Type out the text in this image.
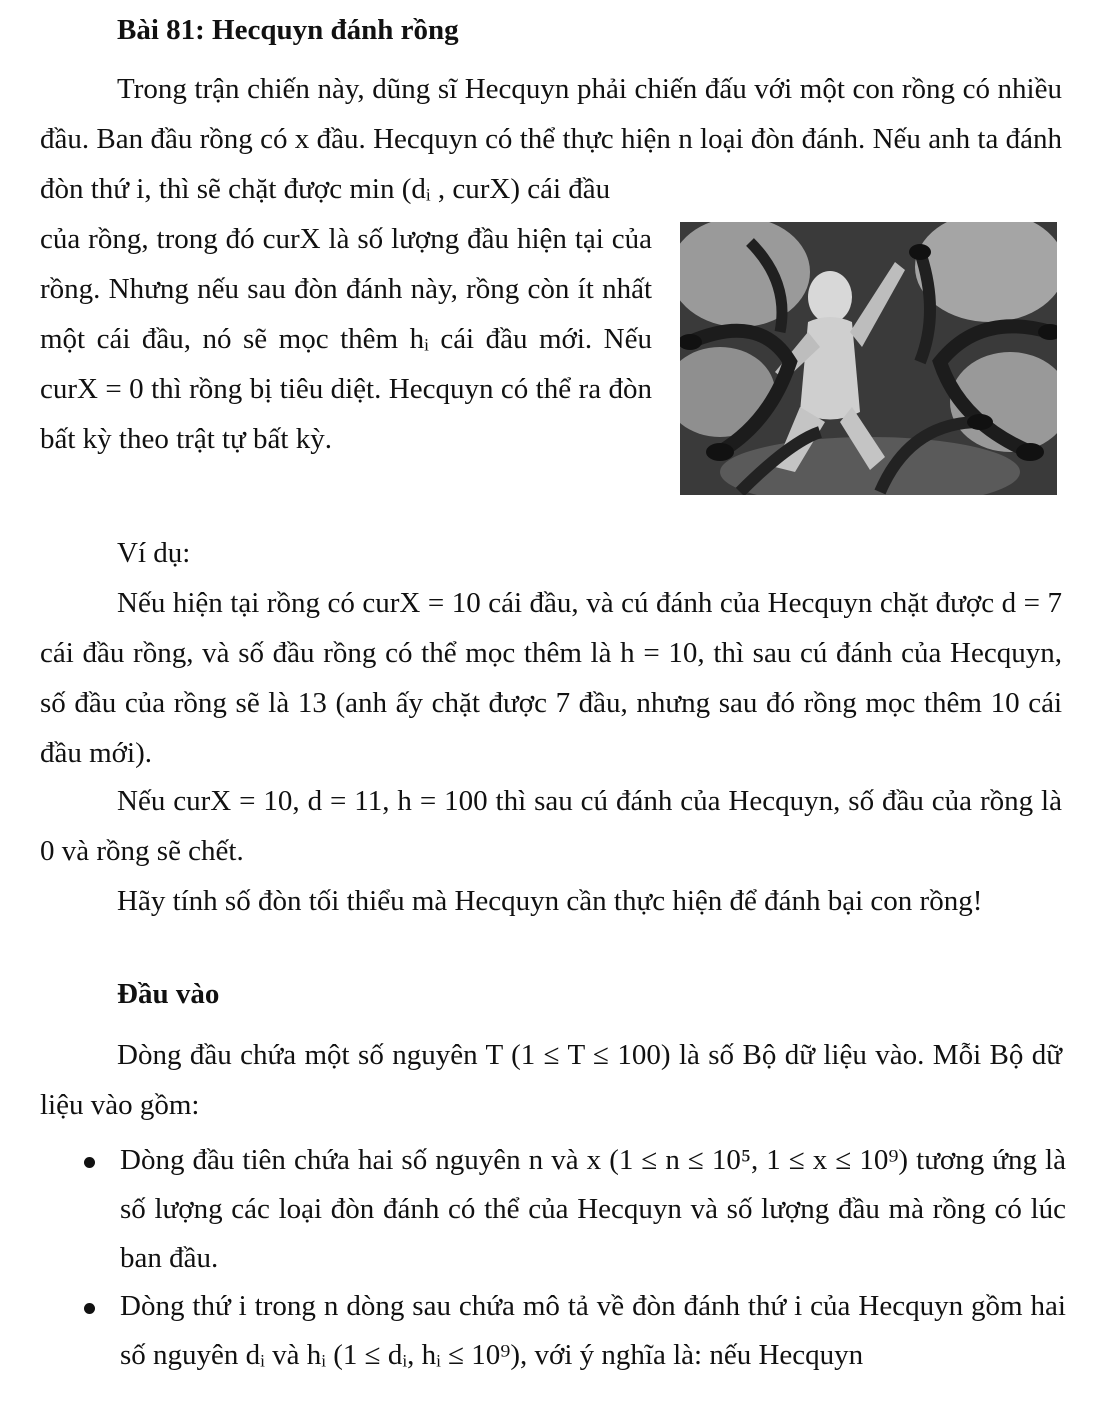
Bài 81: Hecquyn đánh rồng

Trong trận chiến này, dũng sĩ Hecquyn phải chiến đấu với một con rồng có nhiều đầu. Ban đầu rồng có x đầu. Hecquyn có thể thực hiện n loại đòn đánh. Nếu anh ta đánh đòn thứ i, thì sẽ chặt được min (dᵢ , curX) cái đầu

của rồng, trong đó curX là số lượng đầu hiện tại của rồng. Nhưng nếu sau đòn đánh này, rồng còn ít nhất một cái đầu, nó sẽ mọc thêm hᵢ cái đầu mới. Nếu curX = 0 thì rồng bị tiêu diệt. Hecquyn có thể ra đòn bất kỳ theo trật tự bất kỳ.

Ví dụ:

Nếu hiện tại rồng có curX = 10 cái đầu, và cú đánh của Hecquyn chặt được d = 7 cái đầu rồng, và số đầu rồng có thể mọc thêm là h = 10, thì sau cú đánh của Hecquyn, số đầu của rồng sẽ là 13 (anh ấy chặt được 7 đầu, nhưng sau đó rồng mọc thêm 10 cái đầu mới).

Nếu curX = 10, d = 11, h = 100 thì sau cú đánh của Hecquyn, số đầu của rồng là 0 và rồng sẽ chết.

Hãy tính số đòn tối thiểu mà Hecquyn cần thực hiện để đánh bại con rồng!

Đầu vào

Dòng đầu chứa một số nguyên T (1 ≤ T ≤ 100) là số Bộ dữ liệu vào. Mỗi Bộ dữ liệu vào gồm:

Dòng đầu tiên chứa hai số nguyên n và x (1 ≤ n ≤ 10⁵, 1 ≤ x ≤ 10⁹) tương ứng là số lượng các loại đòn đánh có thể của Hecquyn và số lượng đầu mà rồng có lúc ban đầu.

Dòng thứ i trong n dòng sau chứa mô tả về đòn đánh thứ i của Hecquyn gồm hai số nguyên dᵢ và hᵢ (1 ≤ dᵢ, hᵢ ≤ 10⁹), với ý nghĩa là: nếu Hecquyn
